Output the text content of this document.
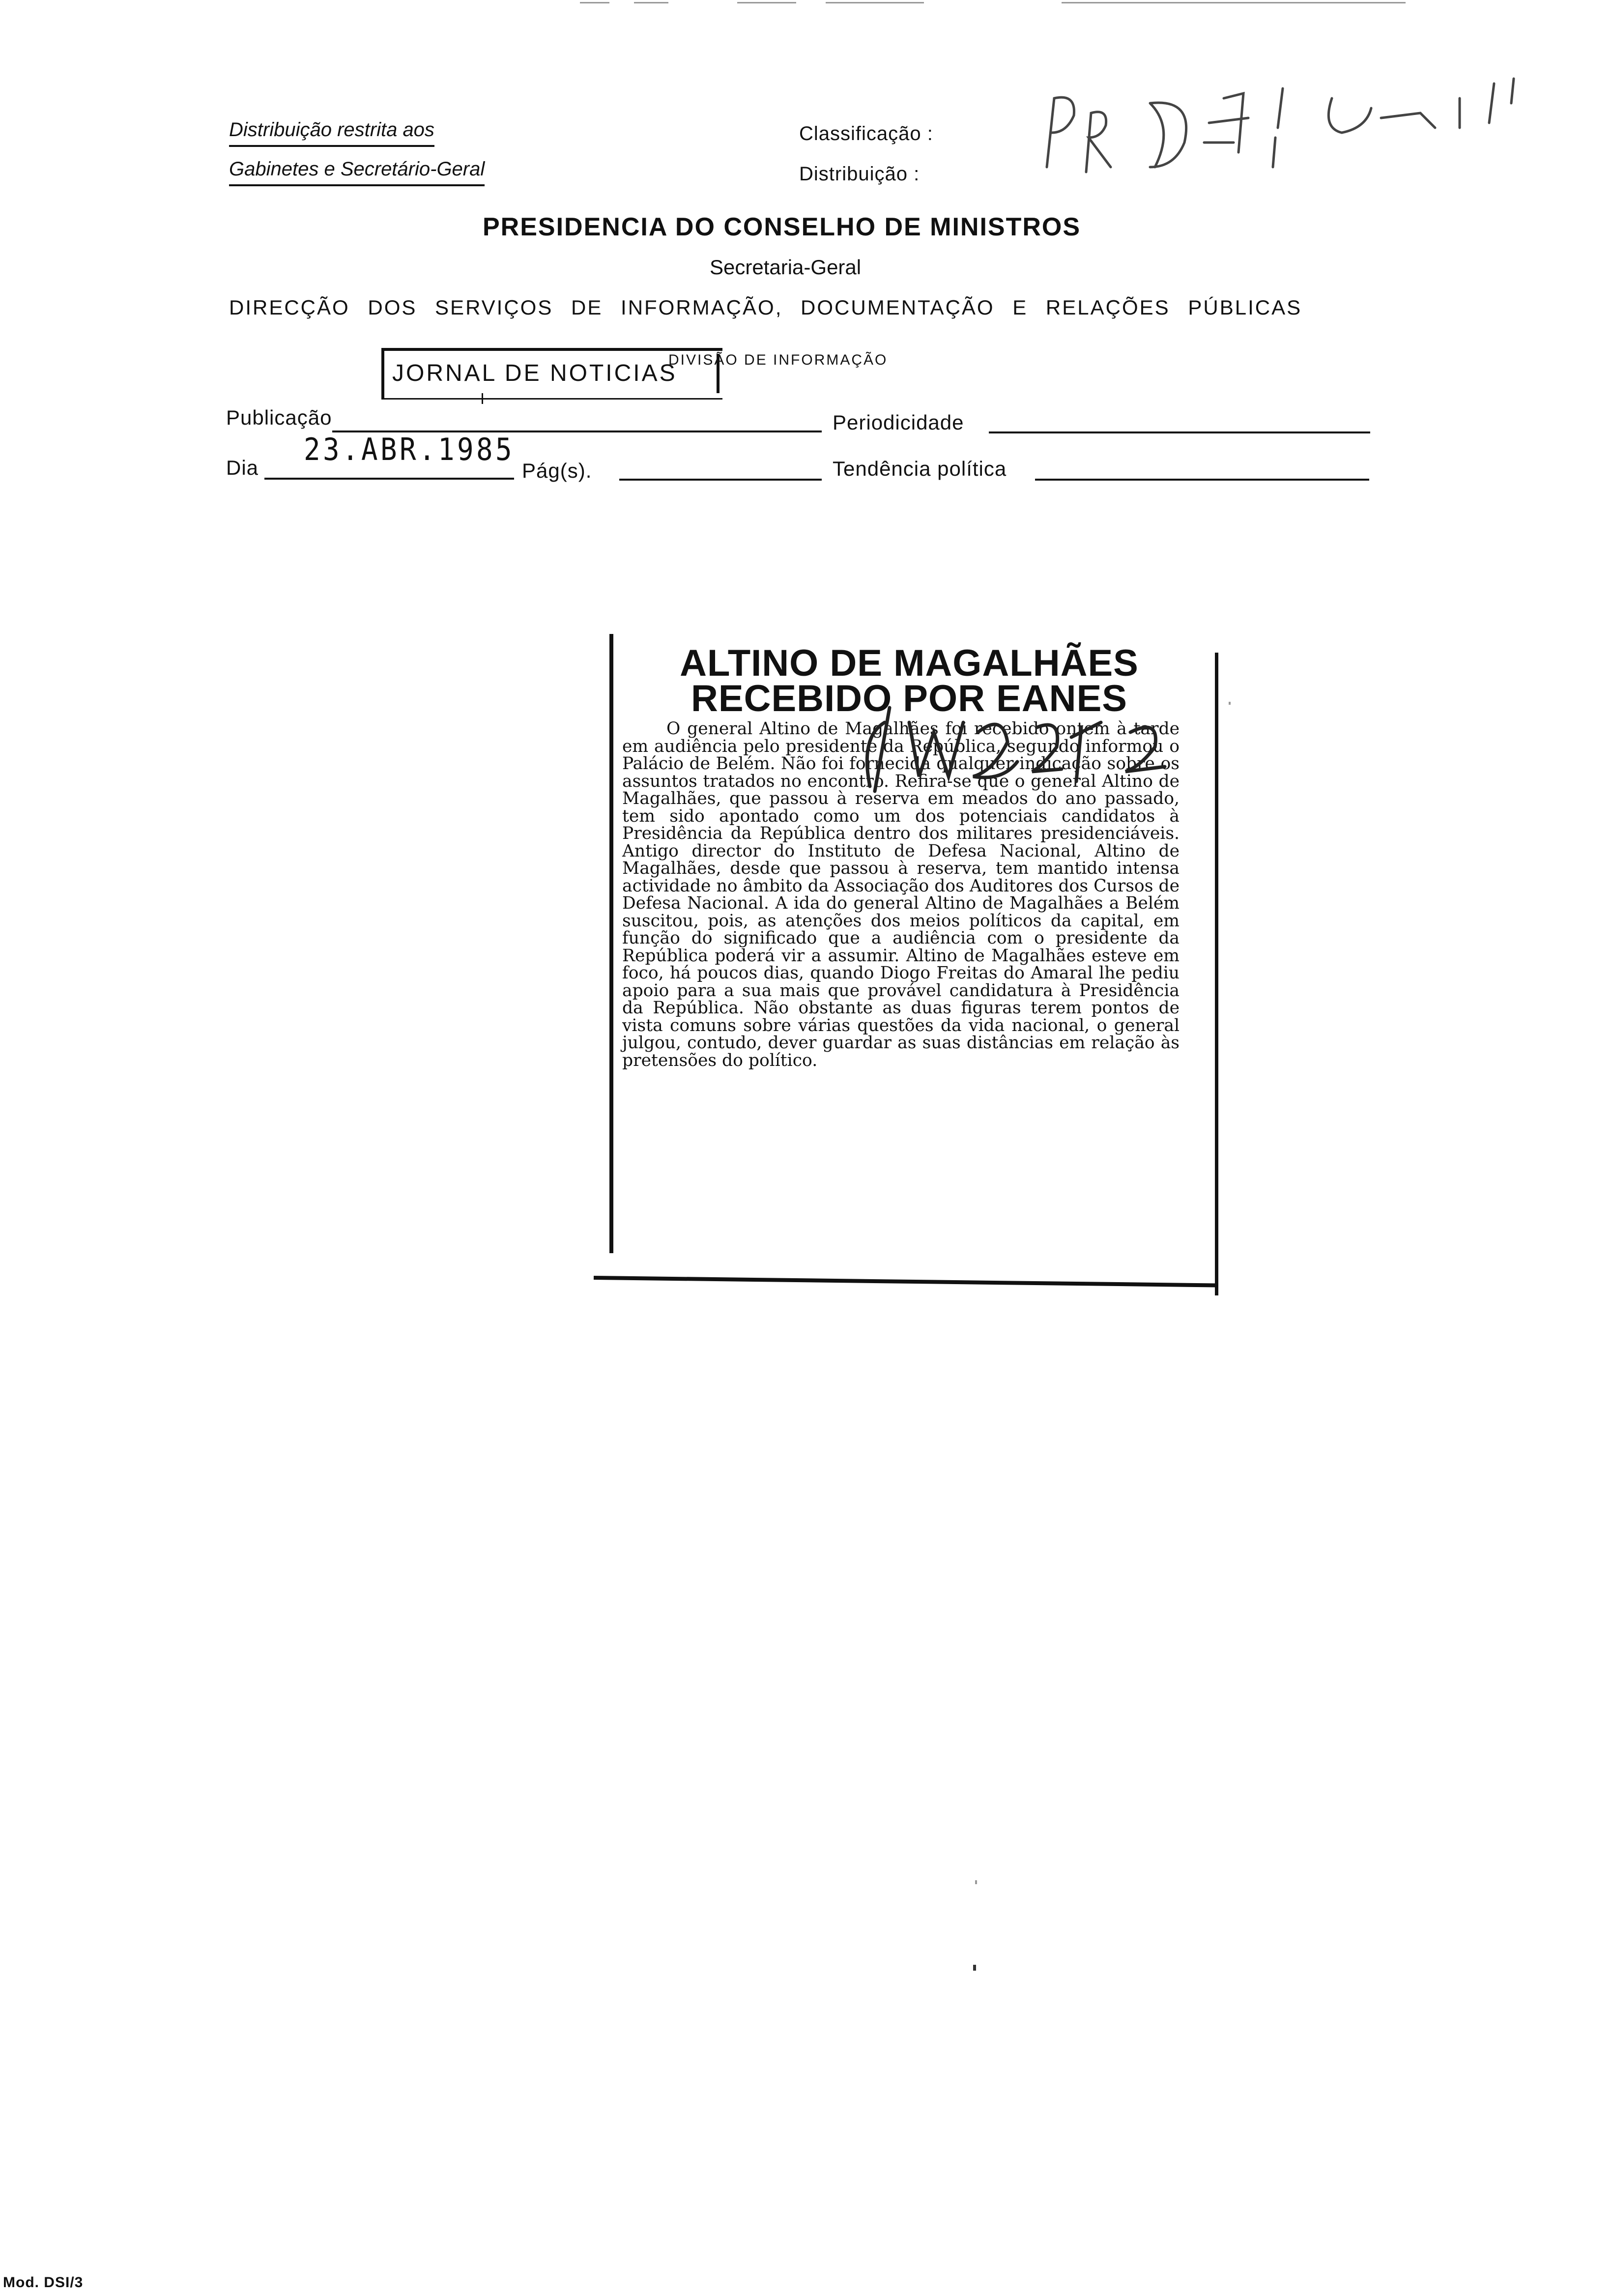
Distribuição restrita aos
Gabinetes e Secretário-Geral
Classificação :
Distribuição :
PRESIDENCIA DO CONSELHO DE MINISTROS
Secretaria-Geral
DIRECÇÃO DOS SERVIÇOS DE INFORMAÇÃO, DOCUMENTAÇÃO E RELAÇÕES PÚBLICAS
JORNAL DE NOTICIAS
DIVISÃO DE INFORMAÇÃO
Publicação	Periodicidade
Dia
23.ABR.1985
Pág(s).	Tendência política
ALTINO DE MAGALHÃES
RECEBIDO POR EANES

O general Altino de Magalhães foi recebido ontem à tarde em audiência pelo presidente da República, segundo informou o Palácio de Belém. Não foi fornecida qualquer indicação sobre os assuntos tratados no encontro. Refira-se que o general Altino de Magalhães, que passou à reserva em meados do ano passado, tem sido apontado como um dos potenciais candidatos à Presidência da República dentro dos militares presidenciáveis. Antigo director do Instituto de Defesa Nacional, Altino de Magalhães, desde que passou à reserva, tem mantido intensa actividade no âmbito da Associação dos Auditores dos Cursos de Defesa Nacional. A ida do general Altino de Magalhães a Belém suscitou, pois, as atenções dos meios políticos da capital, em função do significado que a audiência com o presidente da República poderá vir a assumir. Altino de Magalhães esteve em foco, há poucos dias, quando Diogo Freitas do Amaral lhe pediu apoio para a sua mais que provável candidatura à Presidência da República. Não obstante as duas figuras terem pontos de vista comuns sobre várias questões da vida nacional, o general julgou, contudo, dever guardar as suas distâncias em relação às pretensões do político.

Mod. DSI/3
